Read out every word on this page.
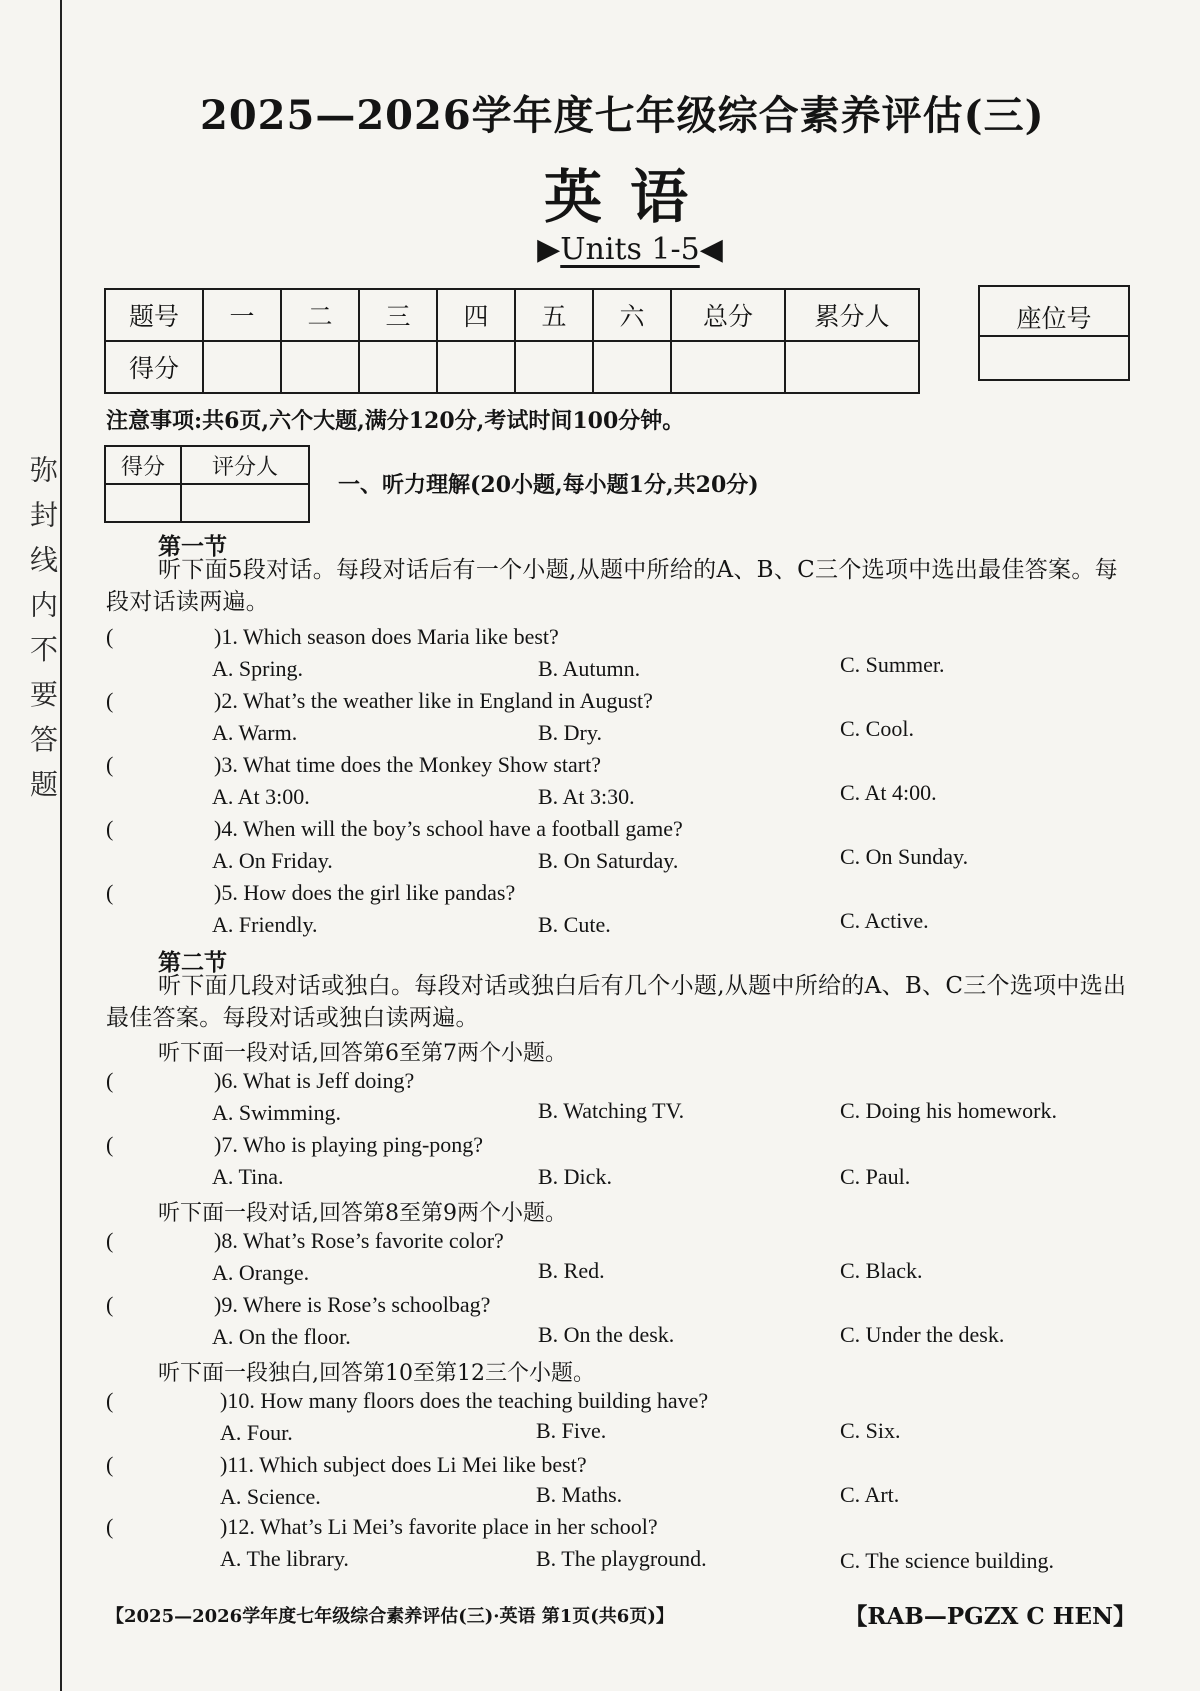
弥 封 线 内 不 要 答 题
2025—2026学年度七年级综合素养评估(三)
英语
▶Units 1-5◀
题号	一	二	三	四	五	六	总分	累分人
得分								
座位号
注意事项:共6页,六个大题,满分120分,考试时间100分钟。
得分	评分人

一、听力理解(20小题,每小题1分,共20分)
第一节
听下面5段对话。每段对话后有一个小题,从题中所给的A、B、C三个选项中选出最佳答案。每段对话读两遍。
(	)1. Which season does Maria like best?
A. Spring.	B. Autumn.	C. Summer.
(	)2. What’s the weather like in England in August?
A. Warm.	B. Dry.	C. Cool.
(	)3. What time does the Monkey Show start?
A. At 3:00.	B. At 3:30.	C. At 4:00.
(	)4. When will the boy’s school have a football game?
A. On Friday.	B. On Saturday.	C. On Sunday.
(	)5. How does the girl like pandas?
A. Friendly.	B. Cute.	C. Active.
第二节
听下面几段对话或独白。每段对话或独白后有几个小题,从题中所给的A、B、C三个选项中选出最佳答案。每段对话或独白读两遍。
听下面一段对话,回答第6至第7两个小题。
(	)6. What is Jeff doing?
A. Swimming.	B. Watching TV.	C. Doing his homework.
(	)7. Who is playing ping-pong?
A. Tina.	B. Dick.	C. Paul.
听下面一段对话,回答第8至第9两个小题。
(	)8. What’s Rose’s favorite color?
A. Orange.	B. Red.	C. Black.
(	)9. Where is Rose’s schoolbag?
A. On the floor.	B. On the desk.	C. Under the desk.
听下面一段独白,回答第10至第12三个小题。
(	)10. How many floors does the teaching building have?
A. Four.	B. Five.	C. Six.
(	)11. Which subject does Li Mei like best?
A. Science.	B. Maths.	C. Art.
(	)12. What’s Li Mei’s favorite place in her school?
A. The library.	B. The playground.	C. The science building.
【2025—2026学年度七年级综合素养评估(三)·英语 第1页(共6页)】	【RAB—PGZX C HEN】
